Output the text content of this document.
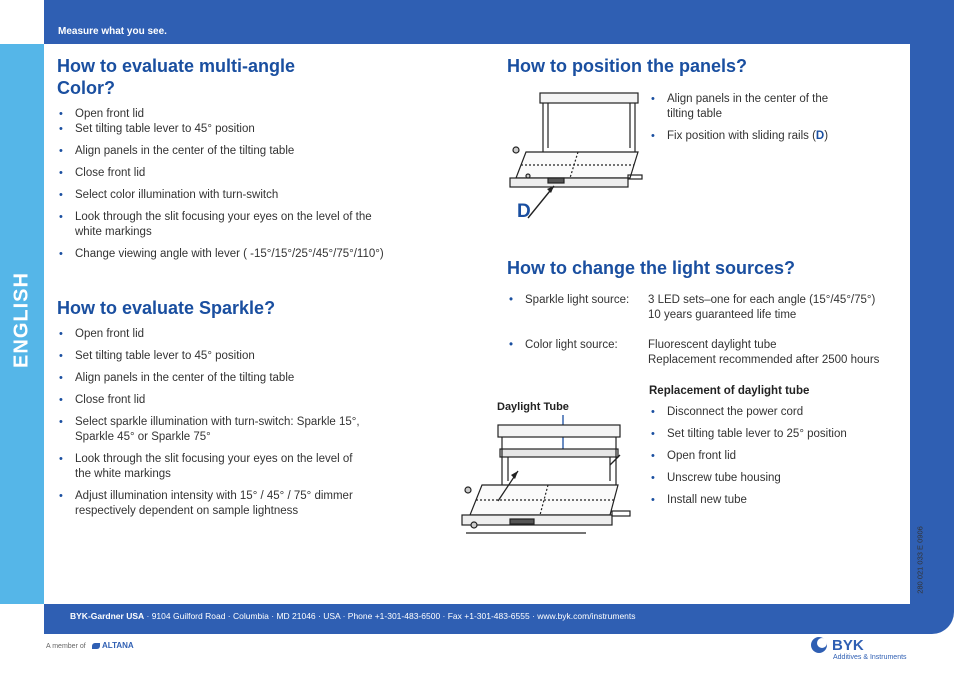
Measure what you see.
ENGLISH
BYK-Gardner USA · 9104 Guilford Road · Columbia · MD 21046 · USA · Phone +1-301-483-6500 · Fax +1-301-483-6555 · www.byk.com/instruments
280 021 033 E 0906
How to evaluate multi-angle Color?
• Open front lid
• Set tilting table lever to 45° position
• Align panels in the center of the tilting table
• Close front lid
• Select color illumination with turn-switch
• Look through the slit focusing your eyes on the level of the white markings
• Change viewing angle with lever ( -15°/15°/25°/45°/75°/110°)
How to evaluate Sparkle?
• Open front lid
• Set tilting table lever to 45° position
• Align panels in the center of the tilting table
• Close front lid
• Select sparkle illumination with turn-switch: Sparkle 15°, Sparkle 45° or Sparkle 75°
• Look through the slit focusing your eyes on the level of the white markings
• Adjust illumination intensity with 15° / 45° / 75° dimmer respectively dependent on sample lightness
How to position the panels?
D
• Align panels in the center of the tilting table
• Fix position with sliding rails (D)
How to change the light sources?
• Sparkle light source: 3 LED sets–one for each angle (15°/45°/75°)
10 years guaranteed life time
• Color light source:	Fluorescent daylight tube
Replacement recommended after 2500 hours
Replacement of daylight tube
• Disconnect the power cord
• Set tilting table lever to 25° position
• Open front lid
• Unscrew tube housing
• Install new tube
Daylight Tube
A member of	ALTANA	BYK
Additives & Instruments
